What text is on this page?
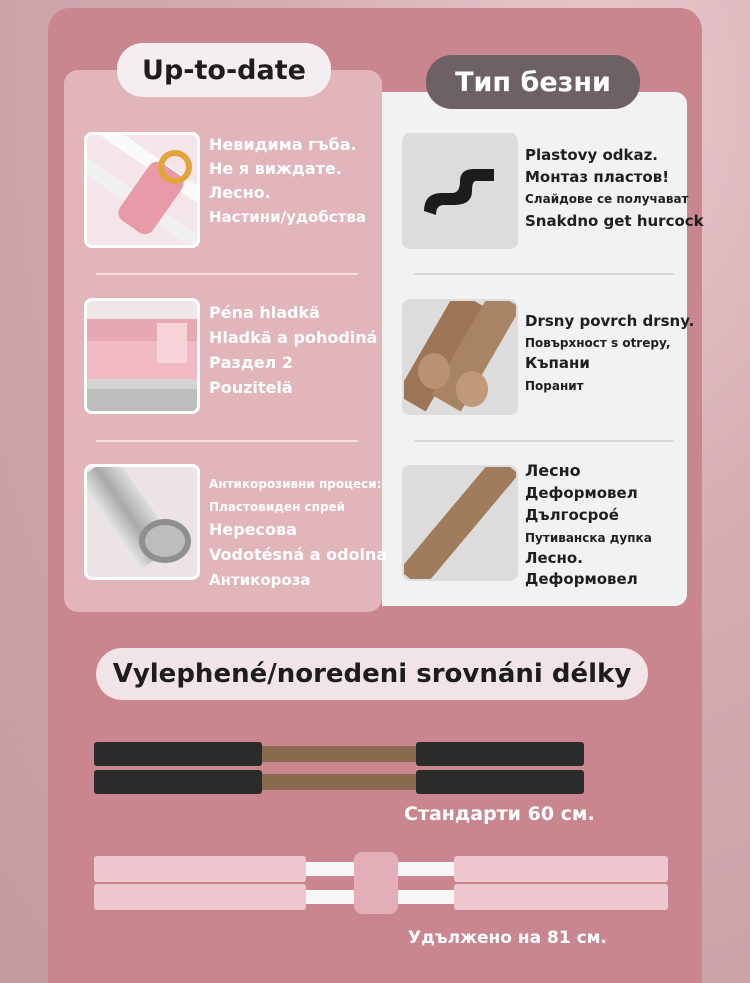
Up-to-date	Тип безни
Невидима гъба.
Не я виждате.
Лесно.
Настини/удобства
Péna hladkä
Hladkä a pohodiná
Раздел 2
Pouzitelä
Антикорозивни процеси:
Пластовиден спрей
Нересова
Vodotésná a odolna
Антикороза
Plastovy odkaz.
Монтаз пластов!
Слайдове се получават
Snakdno get hurcock
Drsny povrch drsny.
Повърхност s otrepy,
Къпани
Поранит
Лесно
Деформовел
Дългосрое́
Путиванска дупка
Лесно.
Деформовел
Vylephené/noredeni srovnáni délky
Стандарти 60 см.
Удължено на 81 см.
